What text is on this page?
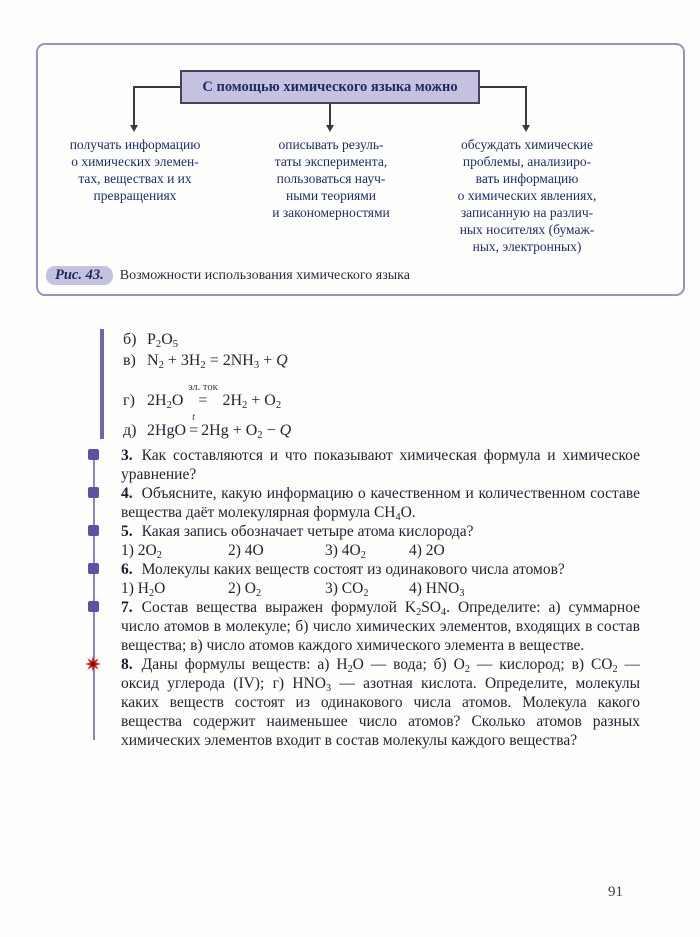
С помощью химического языка можно
получать информацию
о химических элемен-
тах, веществах и их
превращениях
описывать резуль-
таты эксперимента,
пользоваться науч-
ными теориями
и закономерностями
обсуждать химические
проблемы, анализиро-
вать информацию
о химических явлениях,
записанную на различ-
ных носителях (бумаж-
ных, электронных)
Рис. 43. Возможности использования химического языка
б) $P_2O_5$
в) $N_2 + 3H_2 = 2NH_3 + Q$
г) $2H_2O$
эл. ток
= $2H_2 + O_2$
д) 2HgO
t
= $2Hg + O_2 - Q$

3. Как составляются и что показывают химическая формула и химическое уравнение?

4. Объясните, какую информацию о качественном и количественном составе вещества даёт молекулярная формула $CH_4O$.

5. Какая запись обозначает четыре атома кислорода?

1) $2O_2$	2) 4O	3) $4O_2$	4) 2O

6. Молекулы каких веществ состоят из одинакового числа атомов?

1) $H_2O$	2) $O_2$	3) $CO_2$	4) $HNO_3$

7. Состав вещества выражен формулой $K_2SO_4$. Определите: а) суммарное число атомов в молекуле; б) число химических элементов, входящих в состав вещества; в) число атомов каждого химического элемента в веществе.

8. Даны формулы веществ: а) $H_2O$ — вода; б) $O_2$ — кислород; в) $CO_2$ — оксид углерода (IV); г) $HNO_3$ — азотная кислота. Определите, молекулы каких веществ состоят из одинакового числа атомов. Молекула какого вещества содержит наименьшее число атомов? Сколько атомов разных химических элементов входит в состав молекулы каждого вещества?

91
